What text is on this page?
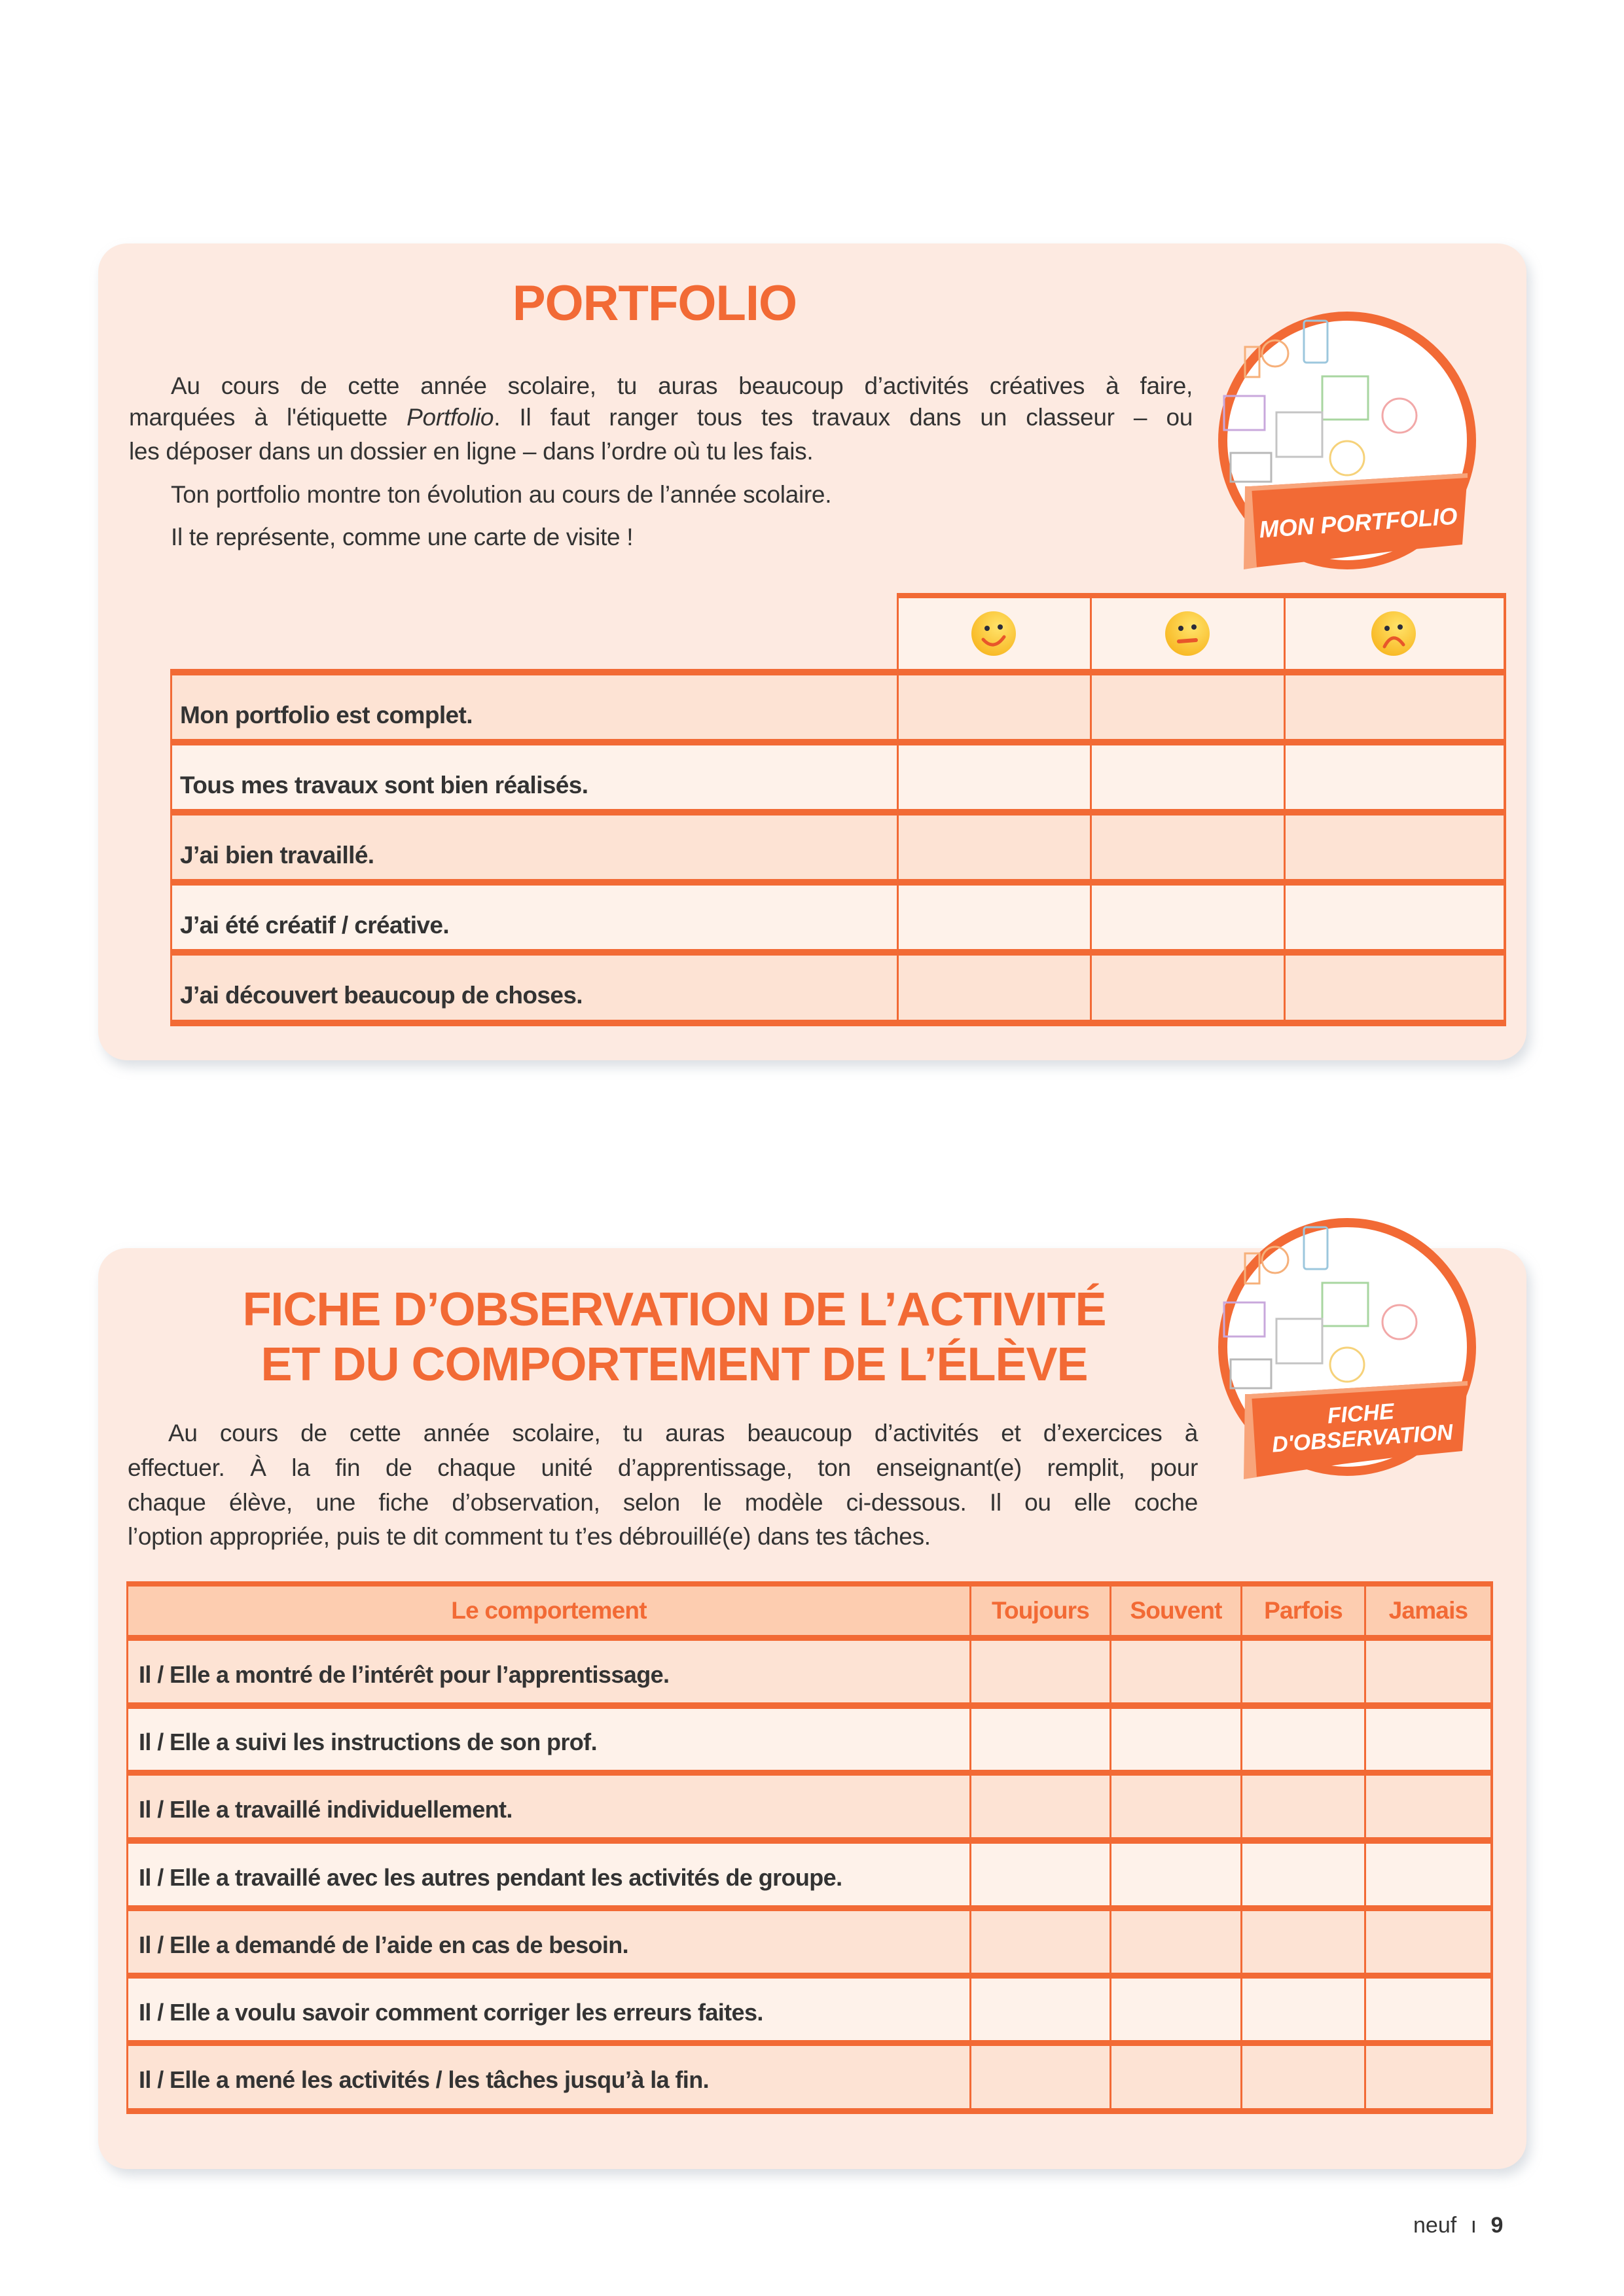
PORTFOLIO
Au cours de cette année scolaire, tu auras beaucoup d’activités créatives à faire,
marquées à l'étiquette Portfolio. Il faut ranger tous tes travaux dans un classeur – ou
les déposer dans un dossier en ligne – dans l’ordre où tu les fais.
Ton portfolio montre ton évolution au cours de l’année scolaire.
Il te représente, comme une carte de visite !	MON PORTFOLIO
Mon portfolio est complet.
Tous mes travaux sont bien réalisés.
J’ai bien travaillé.
J’ai été créatif / créative.
J’ai découvert beaucoup de choses.
FICHE D’OBSERVATION DE L’ACTIVITÉ
ET DU COMPORTEMENT DE L’ÉLÈVE
Au cours de cette année scolaire, tu auras beaucoup d’activités et d’exercices à
effectuer. À la fin de chaque unité d’apprentissage, ton enseignant(e) remplit, pour
chaque élève, une fiche d’observation, selon le modèle ci-dessous. Il ou elle coche
l’option appropriée, puis te dit comment tu t’es débrouillé(e) dans tes tâches.
FICHE
D'OBSERVATION
Le comportement	Toujours	Souvent	Parfois	Jamais
Il / Elle a montré de l’intérêt pour l’apprentissage.
Il / Elle a suivi les instructions de son prof.
Il / Elle a travaillé individuellement.
Il / Elle a travaillé avec les autres pendant les activités de groupe.
Il / Elle a demandé de l’aide en cas de besoin.
Il / Elle a voulu savoir comment corriger les erreurs faites.
Il / Elle a mené les activités / les tâches jusqu’à la fin.
neuf ı 9
